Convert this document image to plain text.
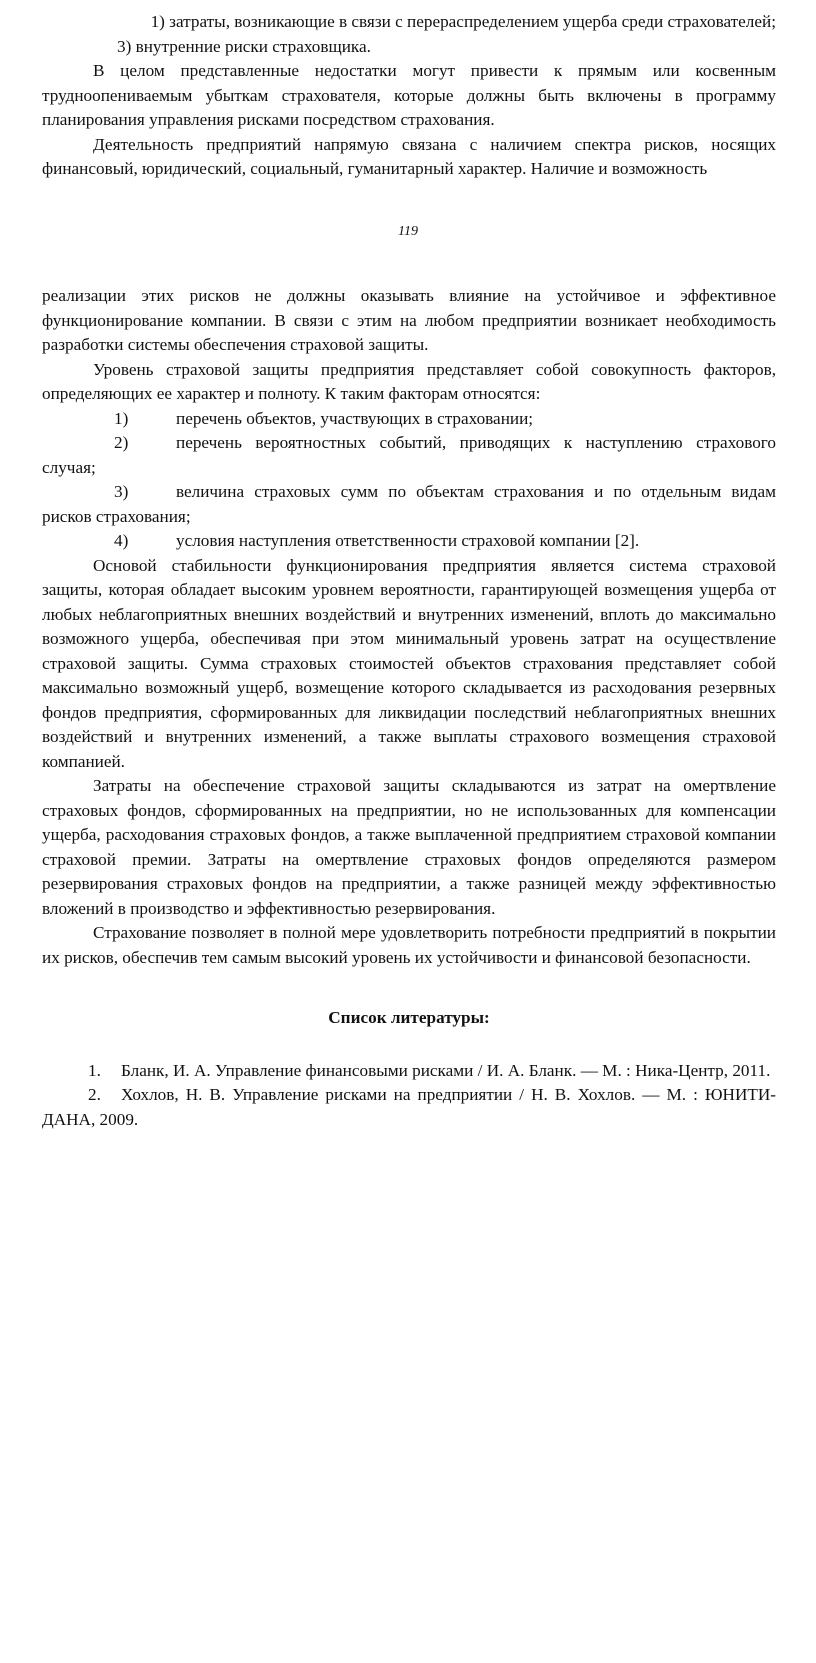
1) затраты, возникающие в связи с перераспределением ущерба среди страхователей;

3) внутренние риски страховщика.

В целом представленные недостатки могут привести к прямым или косвенным трудноопениваемым убыткам страхователя, которые должны быть включены в программу планирования управления рисками посредством страхования.

Деятельность предприятий напрямую связана с наличием спектра рисков, носящих финансовый, юридический, социальный, гуманитарный характер. Наличие и возможность

119

реализации этих рисков не должны оказывать влияние на устойчивое и эффективное функционирование компании. В связи с этим на любом предприятии возникает необходимость разработки системы обеспечения страховой защиты.

Уровень страховой защиты предприятия представляет собой совокупность факторов, определяющих ее характер и полноту. К таким факторам относятся:

1)	перечень объектов, участвующих в страховании;

2)	перечень вероятностных событий, приводящих к наступлению страхового случая;

3)	величина страховых сумм по объектам страхования и по отдельным видам рисков страхования;

4)	условия наступления ответственности страховой компании [2].

Основой стабильности функционирования предприятия является система страховой защиты, которая обладает высоким уровнем вероятности, гарантирующей возмещения ущерба от любых неблагоприятных внешних воздействий и внутренних изменений, вплоть до максимально возможного ущерба, обеспечивая при этом минимальный уровень затрат на осуществление страховой защиты. Сумма страховых стоимостей объектов страхования представляет собой максимально возможный ущерб, возмещение которого складывается из расходования резервных фондов предприятия, сформированных для ликвидации последствий неблагоприятных внешних воздействий и внутренних изменений, а также выплаты страхового возмещения страховой компанией.

Затраты на обеспечение страховой защиты складываются из затрат на омертвление страховых фондов, сформированных на предприятии, но не использованных для компенсации ущерба, расходования страховых фондов, а также выплаченной предприятием страховой компании страховой премии. Затраты на омертвление страховых фондов определяются размером резервирования страховых фондов на предприятии, а также разницей между эффективностью вложений в производство и эффективностью резервирования.

Страхование позволяет в полной мере удовлетворить потребности предприятий в покрытии их рисков, обеспечив тем самым высокий уровень их устойчивости и финансовой безопасности.

Список литературы:

1. Бланк, И. А. Управление финансовыми рисками / И. А. Бланк. — М. : Ника-Центр, 2011.

2. Хохлов, Н. В. Управление рисками на предприятии / Н. В. Хохлов. — М. : ЮНИТИ-ДАНА, 2009.
